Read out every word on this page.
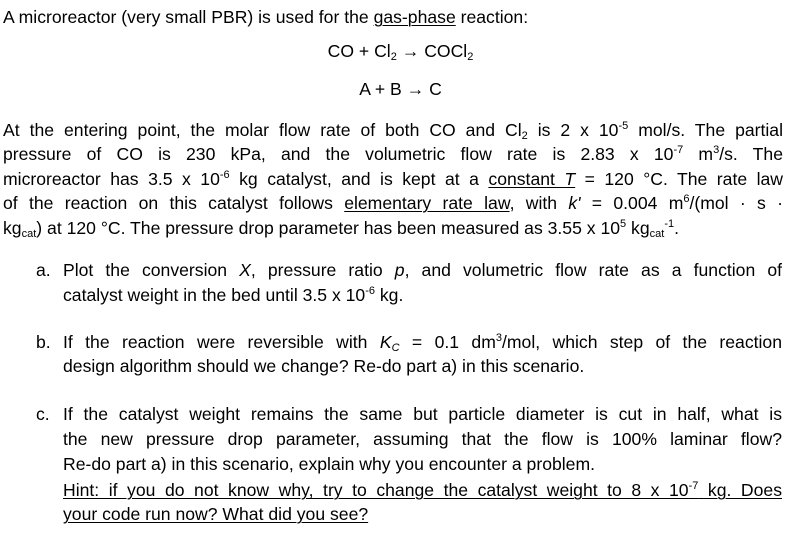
A microreactor (very small PBR) is used for the gas-phase reaction:
CO + $Cl_2$ → COCl$_2$
A + B → C
At the entering point, the molar flow rate of both CO and $Cl_2$ is 2 x $10^{-5}$ mol/s. The partial
pressure of CO is 230 kPa, and the volumetric flow rate is 2.83 x $10^{-7}$ $m^3/s$. The
microreactor has 3.5 x $10^{-6}$ kg catalyst, and is kept at a constant T = 120 °C. The rate law
of the reaction on this catalyst follows elementary rate law, with k' = 0.004 $m^6/(mol \cdot s$ ·
$kg_{cat}$) at 120 °C. The pressure drop parameter has been measured as 3.55 x $10^5$ $kg_{cat}^{-1}$.
a. Plot the conversion X, pressure ratio p, and volumetric flow rate as a function of
catalyst weight in the bed until 3.5 x $10^{-6}$ kg.
b. If the reaction were reversible with $K_C = 0.1$ $dm^3$/mol, which step of the reaction
design algorithm should we change? Re-do part a) in this scenario.
c. If the catalyst weight remains the same but particle diameter is cut in half, what is
the new pressure drop parameter, assuming that the flow is 100% laminar flow?
Re-do part a) in this scenario, explain why you encounter a problem.
Hint: if you do not know why, try to change the catalyst weight to 8 x $10^{-7}$ kg. Does
your code run now? What did you see?
